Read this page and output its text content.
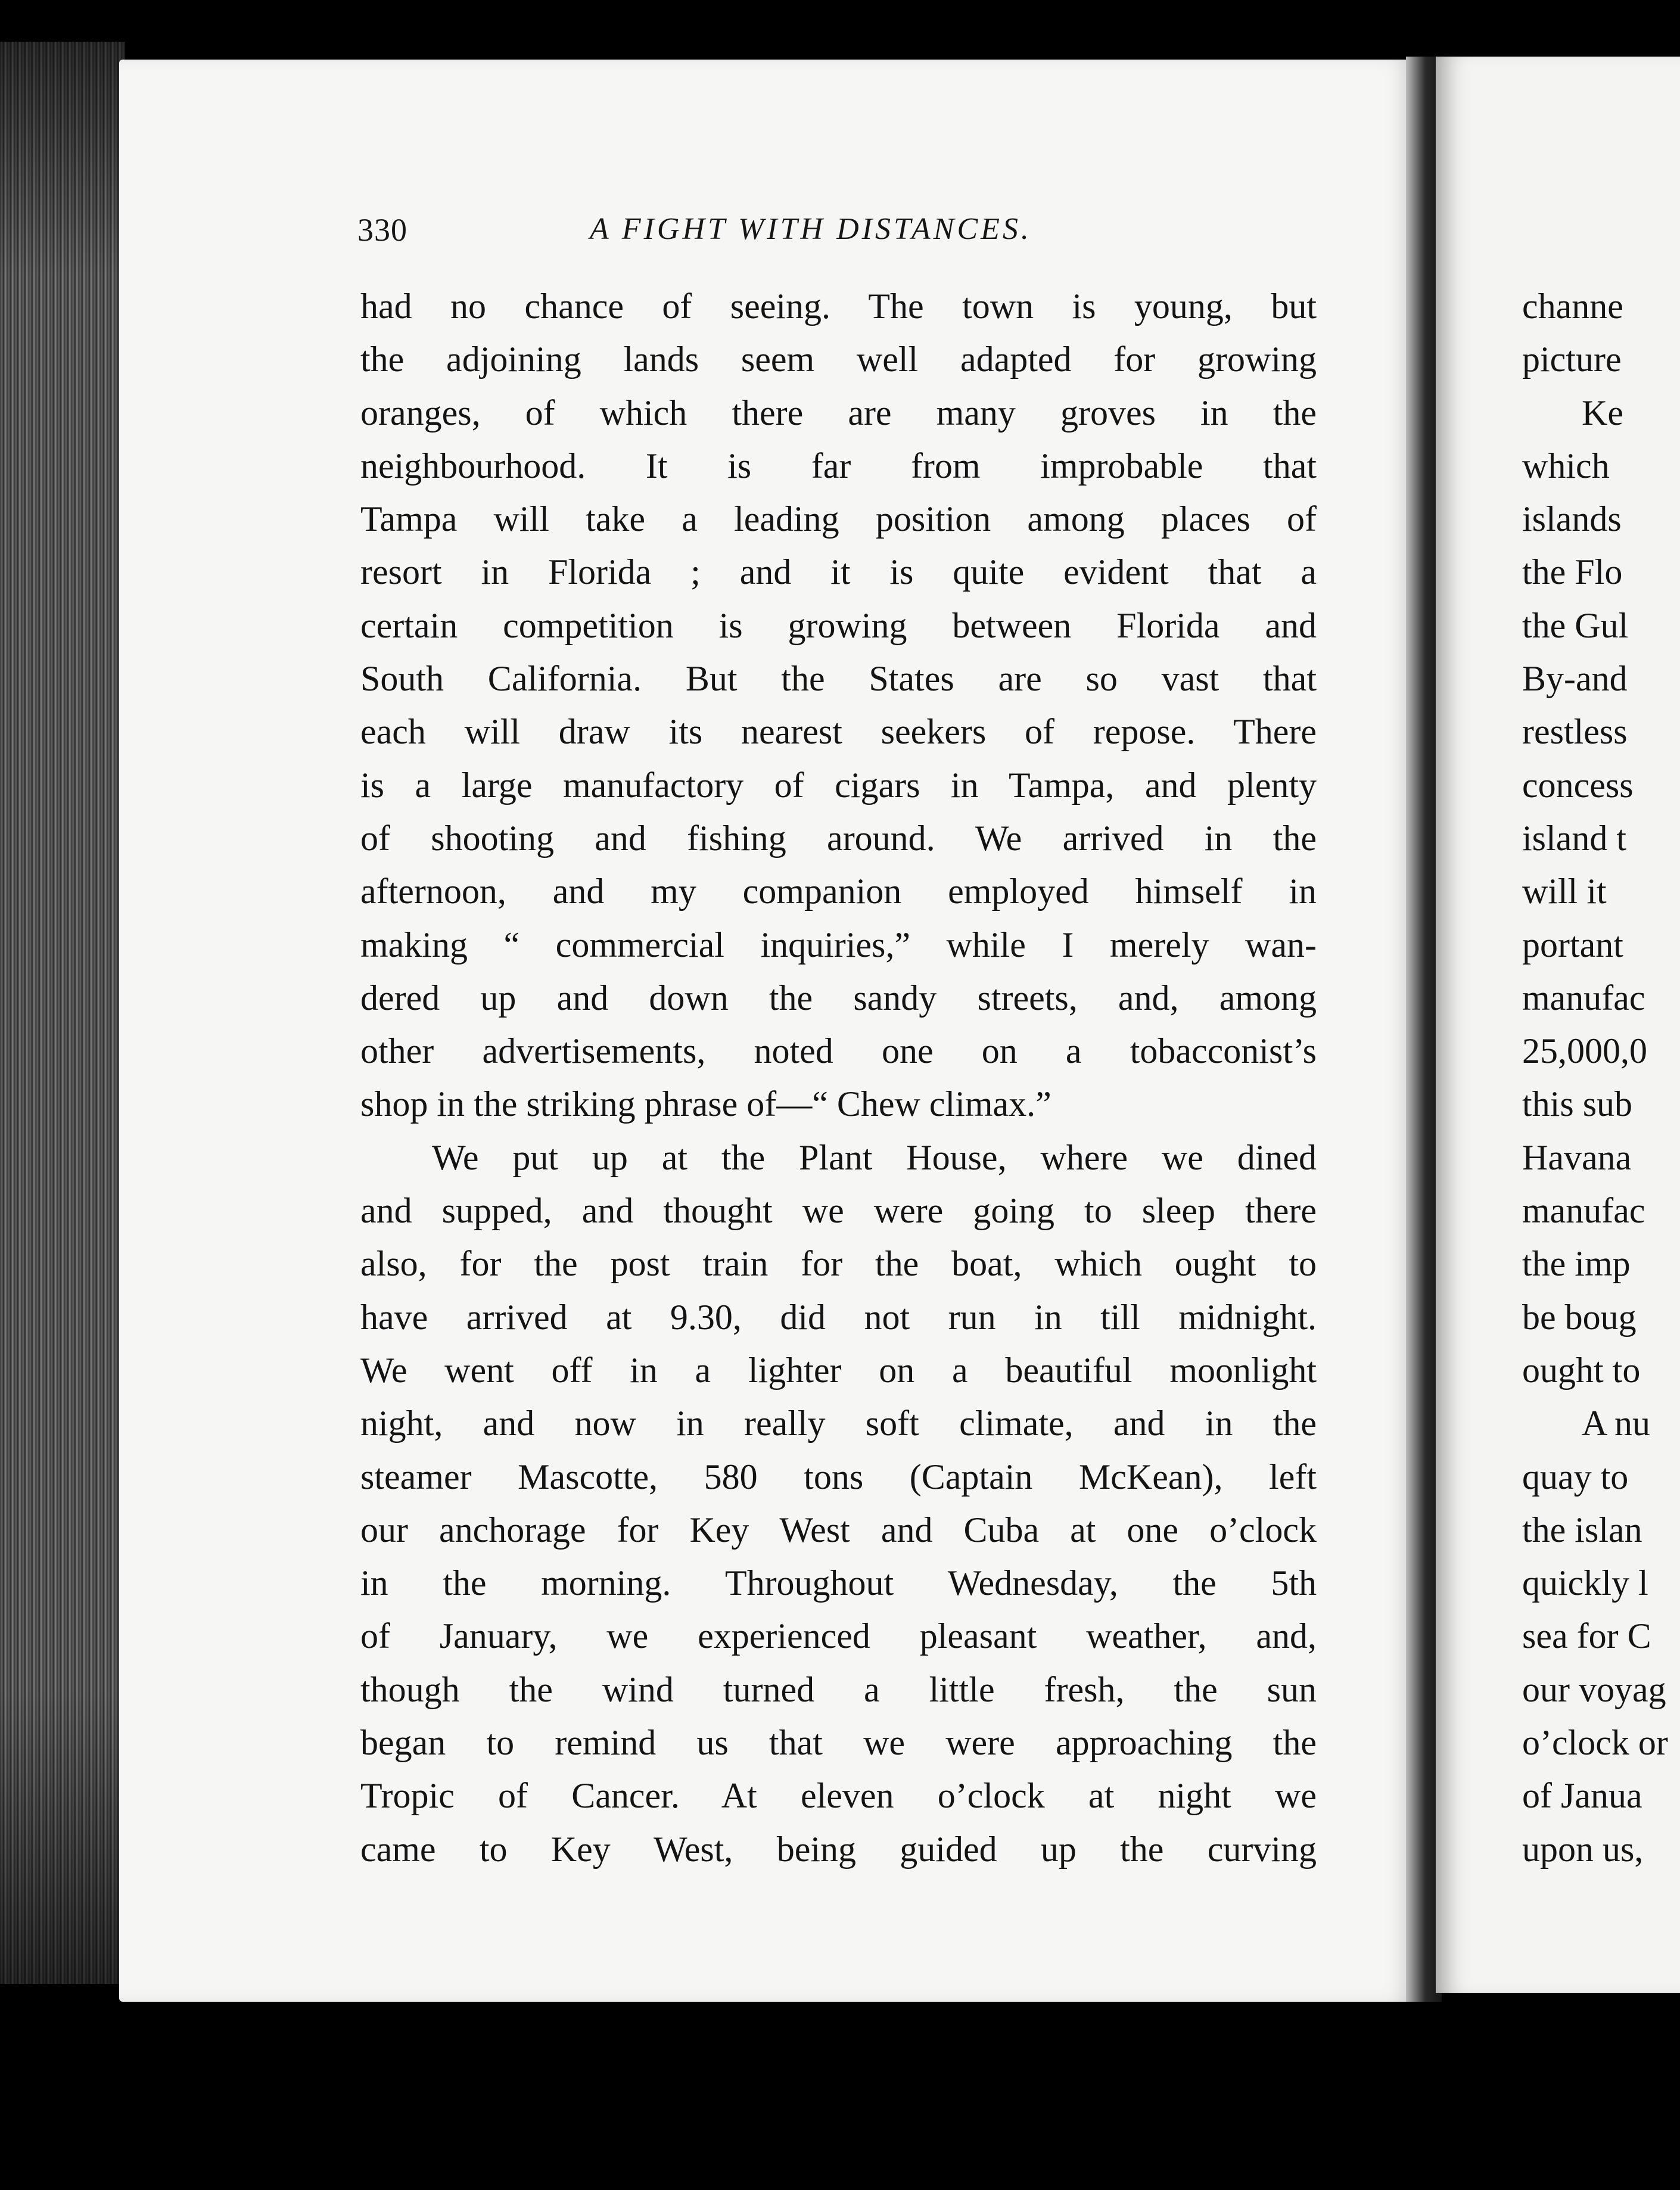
330	A FIGHT WITH DISTANCES.
had no chance of seeing. The town is young, but
the adjoining lands seem well adapted for growing
oranges, of which there are many groves in the
neighbourhood. It is far from improbable that
Tampa will take a leading position among places of
resort in Florida ; and it is quite evident that a
certain competition is growing between Florida and
South California. But the States are so vast that
each will draw its nearest seekers of repose. There
is a large manufactory of cigars in Tampa, and plenty
of shooting and fishing around. We arrived in the
afternoon, and my companion employed himself in
making “ commercial inquiries,” while I merely wan-
dered up and down the sandy streets, and, among
other advertisements, noted one on a tobacconist’s
shop in the striking phrase of—“ Chew climax.”
We put up at the Plant House, where we dined
and supped, and thought we were going to sleep there
also, for the post train for the boat, which ought to
have arrived at 9.30, did not run in till midnight.
We went off in a lighter on a beautiful moonlight
night, and now in really soft climate, and in the
steamer Mascotte, 580 tons (Captain McKean), left
our anchorage for Key West and Cuba at one o’clock
in the morning. Throughout Wednesday, the 5th
of January, we experienced pleasant weather, and,
though the wind turned a little fresh, the sun
began to remind us that we were approaching the
Tropic of Cancer. At eleven o’clock at night we
came to Key West, being guided up the curving
channe
picture
Ke
which
islands
the Flo
the Gul
By-and
restless
concess
island t
will it
portant
manufac
25,000,0
this sub
Havana
manufac
the imp
be boug
ought to
A nu
quay to
the islan
quickly l
sea for C
our voyag
o’clock or
of Janua
upon us,
